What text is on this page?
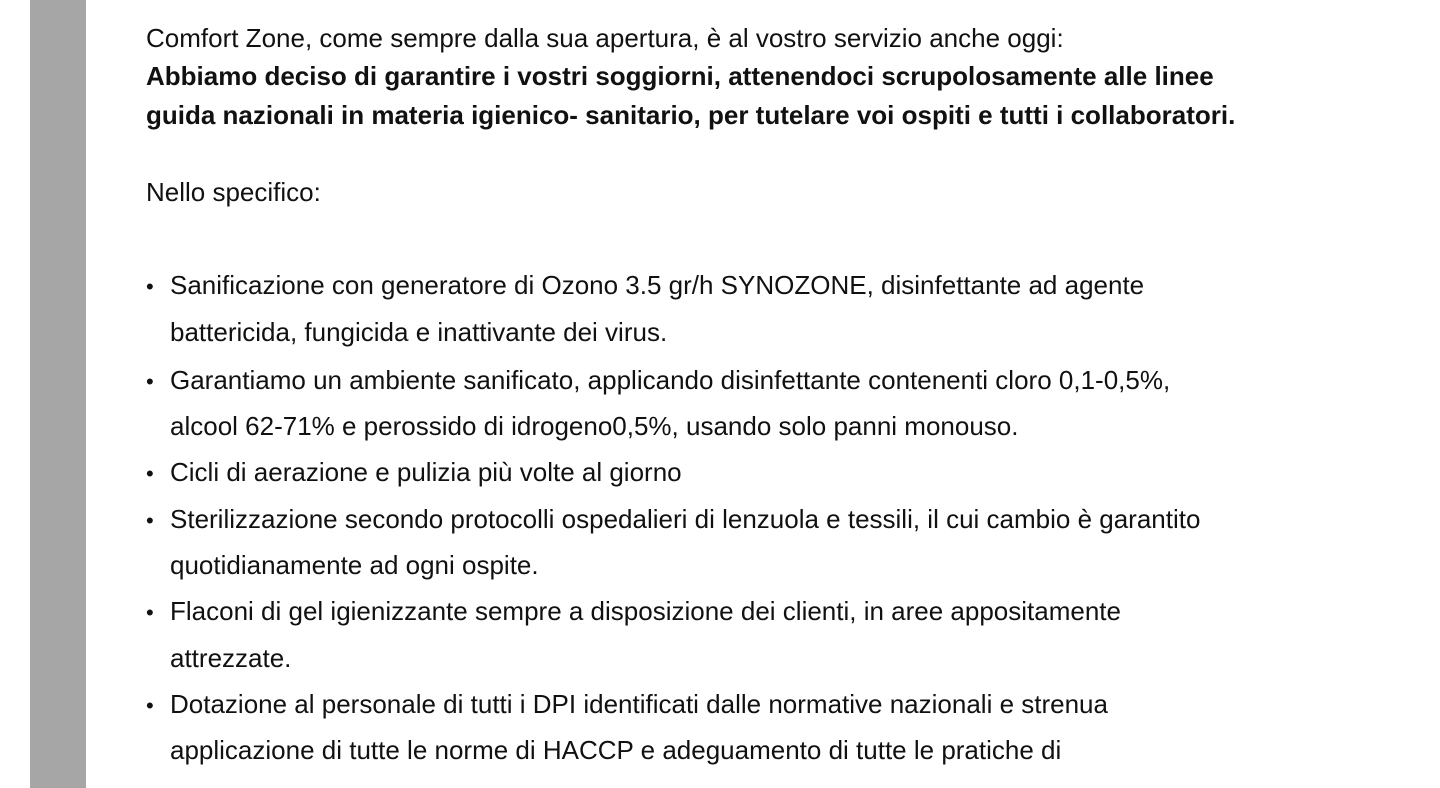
Comfort Zone, come sempre dalla sua apertura, è al vostro servizio anche oggi:
Abbiamo deciso di garantire i vostri soggiorni, attenendoci scrupolosamente alle linee
guida nazionali in materia igienico- sanitario, per tutelare voi ospiti e tutti i collaboratori.
Nello specifico:
• Sanificazione con generatore di Ozono 3.5 gr/h SYNOZONE, disinfettante ad agente
battericida, fungicida e inattivante dei virus.
• Garantiamo un ambiente sanificato, applicando disinfettante contenenti cloro 0,1-0,5%,
alcool 62-71% e perossido di idrogeno0,5%, usando solo panni monouso.
• Cicli di aerazione e pulizia più volte al giorno
• Sterilizzazione secondo protocolli ospedalieri di lenzuola e tessili, il cui cambio è garantito
quotidianamente ad ogni ospite.
• Flaconi di gel igienizzante sempre a disposizione dei clienti, in aree appositamente
attrezzate.
• Dotazione al personale di tutti i DPI identificati dalle normative nazionali e strenua
applicazione di tutte le norme di HACCP e adeguamento di tutte le pratiche di
